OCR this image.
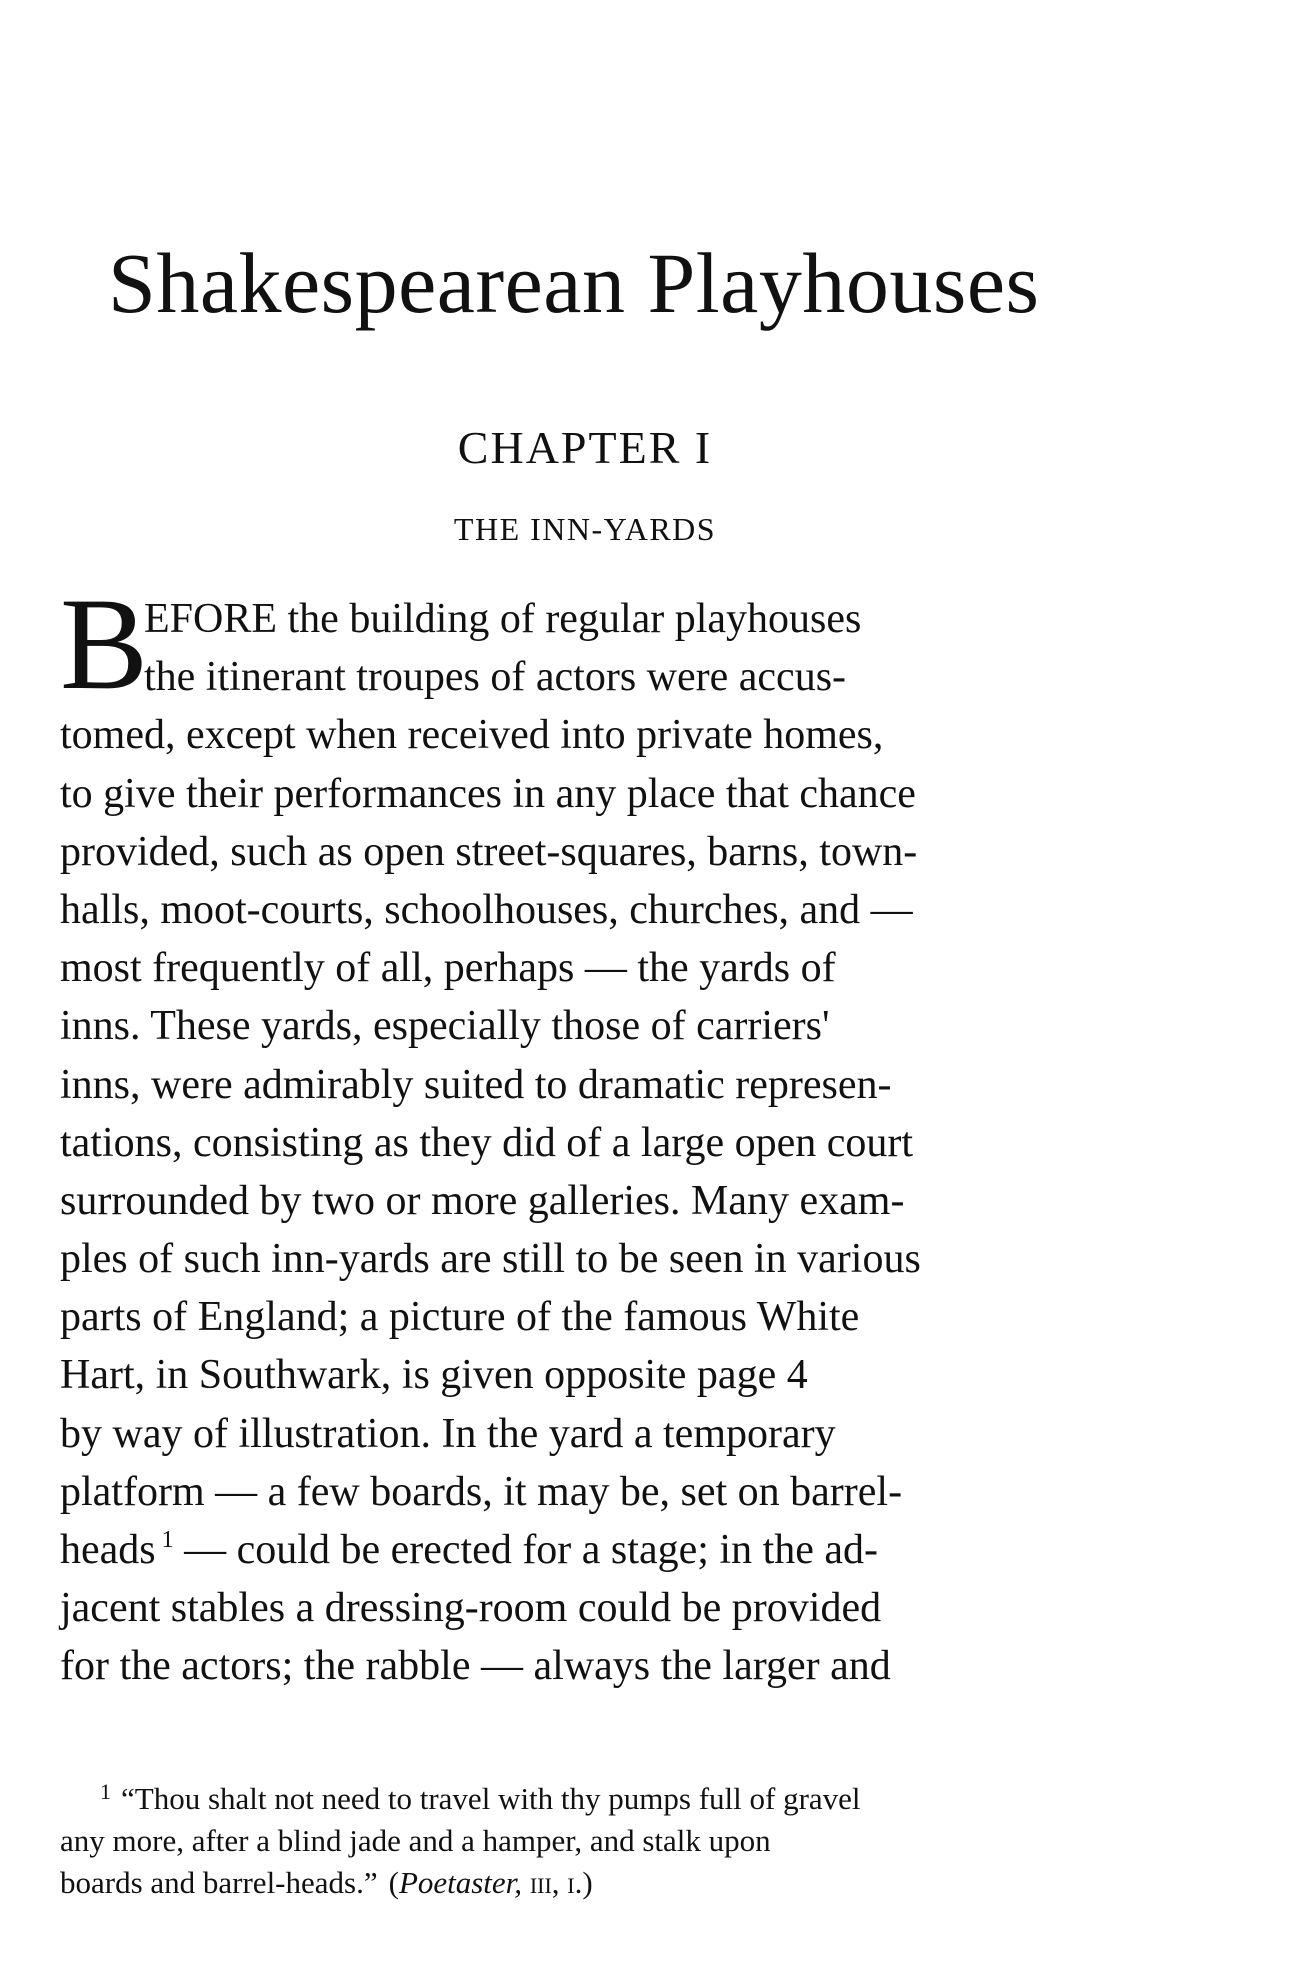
Shakespearean Playhouses
CHAPTER I
THE INN-YARDS
B
EFORE the building of regular playhouses
the itinerant troupes of actors were accus-
tomed, except when received into private homes,
to give their performances in any place that chance
provided, such as open street-squares, barns, town-
halls, moot-courts, schoolhouses, churches, and —
most frequently of all, perhaps — the yards of
inns. These yards, especially those of carriers'
inns, were admirably suited to dramatic represen-
tations, consisting as they did of a large open court
surrounded by two or more galleries. Many exam-
ples of such inn-yards are still to be seen in various
parts of England; a picture of the famous White
Hart, in Southwark, is given opposite page 4
by way of illustration. In the yard a temporary
platform — a few boards, it may be, set on barrel-
heads $^1$ — could be erected for a stage; in the ad-
jacent stables a dressing-room could be provided
for the actors; the rabble — always the larger and
$^1$ “Thou shalt not need to travel with thy pumps full of gravel
any more, after a blind jade and a hamper, and stalk upon
boards and barrel-heads.” (Poetaster, iii, i.)
